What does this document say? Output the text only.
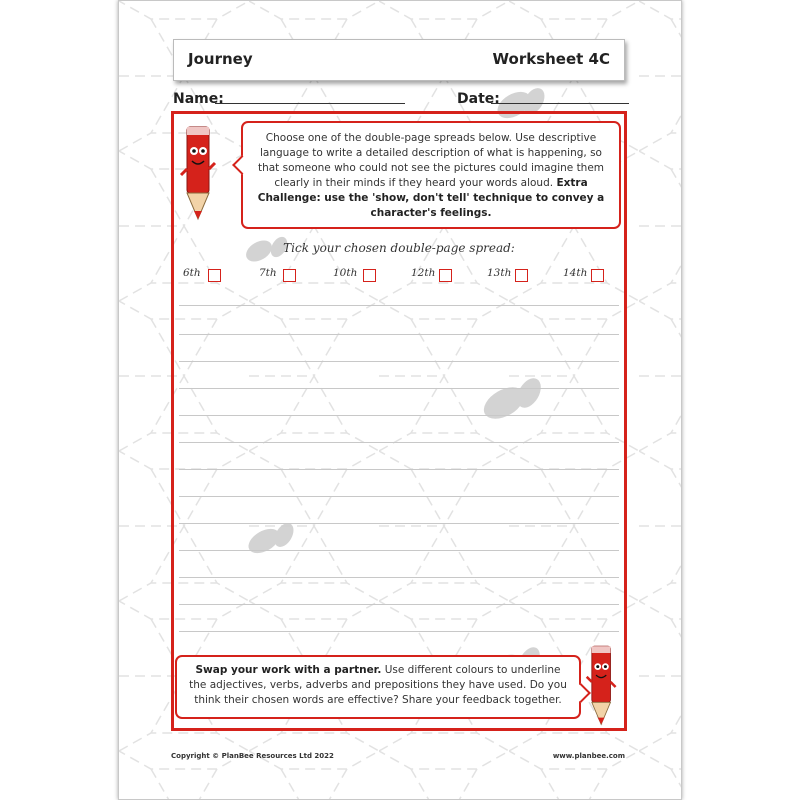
Journey	Worksheet 4C
Name:	Date:
Choose one of the double-page spreads below. Use descriptive language to write a detailed description of what is happening, so that someone who could not see the pictures could imagine them clearly in their minds if they heard your words aloud. Extra Challenge: use the 'show, don't tell' technique to convey a character's feelings.
Tick your chosen double-page spread:
6th	7th	10th	12th	13th	14th
Swap your work with a partner. Use different colours to underline the adjectives, verbs, adverbs and prepositions they have used. Do you think their chosen words are effective? Share your feedback together.
Copyright © PlanBee Resources Ltd 2022	www.planbee.com
